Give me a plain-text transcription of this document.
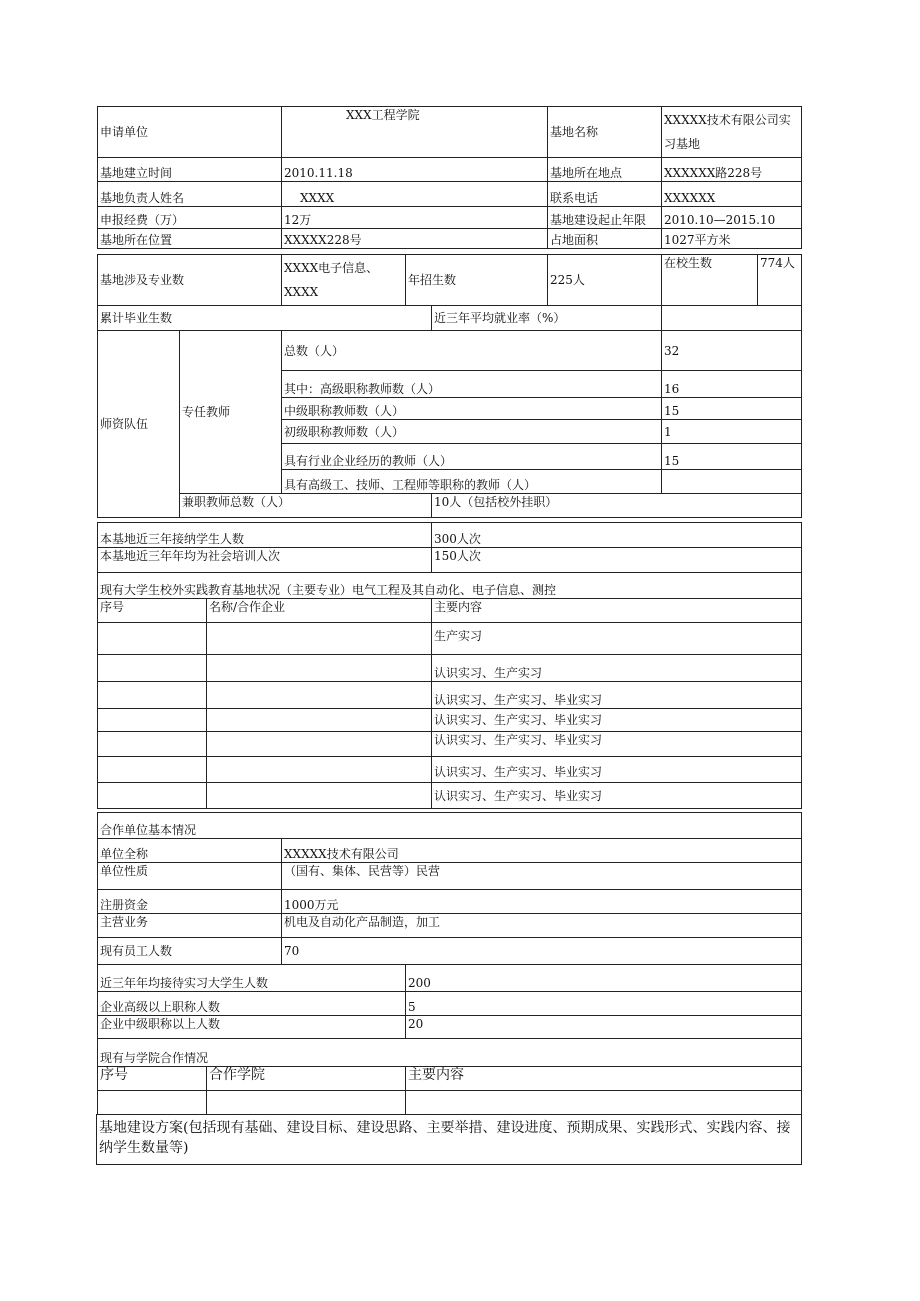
申请单位	XXX工程学院	基地名称	XXXXX技术有限公司实习基地
基地建立时间	2010.11.18	基地所在地点	XXXXXX路228号
基地负责人姓名	XXXX	联系电话	XXXXXX
申报经费（万）	12万	基地建设起止年限	2010.10—2015.10
基地所在位置	XXXXX228号	占地面积	1027平方米
基地涉及专业数	XXXX电子信息、XXXX	年招生数	225人	在校生数	774人
累计毕业生数			近三年平均就业率（%）	
师资队伍	专任教师	总数（人）		32
		其中：高级职称教师数（人）		16
		中级职称教师数（人）		15
		初级职称教师数（人）		1
		具有行业企业经历的教师（人）		15
		具有高级工、技师、工程师等职称的教师（人）		
	兼职教师总数（人）		10人（包括校外挂职）	
本基地近三年接纳学生人数	300人次
本基地近三年年均为社会培训人次	150人次
现有大学生校外实践教育基地状况（主要专业）电气工程及其自动化、电子信息、测控		
序号	名称/合作企业	主要内容
		生产实习
		认识实习、生产实习
		认识实习、生产实习、毕业实习
		认识实习、生产实习、毕业实习
		认识实习、生产实习、毕业实习
		认识实习、生产实习、毕业实习
		认识实习、生产实习、毕业实习
合作单位基本情况	
单位全称	XXXXX技术有限公司
单位性质	（国有、集体、民营等）民营
注册资金	1000万元
主营业务	机电及自动化产品制造，加工
现有员工人数	70
近三年年均接待实习大学生人数	200
企业高级以上职称人数	5
企业中级职称以上人数	20
现有与学院合作情况	
序号	合作学院	主要内容

基地建设方案(包括现有基础、建设目标、建设思路、主要举措、建设进度、预期成果、实践形式、实践内容、接纳学生数量等)
